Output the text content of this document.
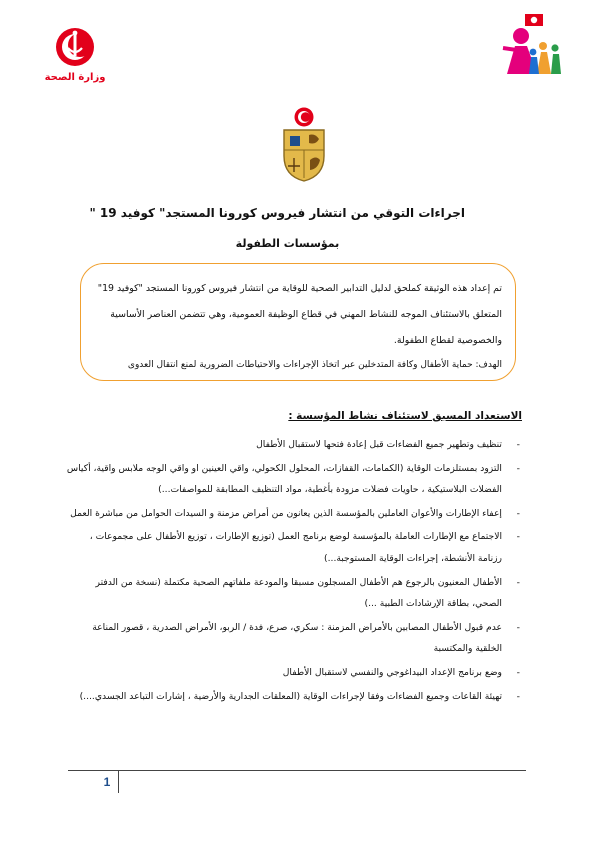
وزارة الصحة
اجراءات التوقي من انتشار فيروس كورونا المستجد" كوفيد 19 "
بمؤسسات الطفولة
تم إعداد هذه الوثيقة كملحق لدليل التدابير الصحية للوقاية من انتشار فيروس كورونا المستجد "كوفيد 19" المتعلق بالاستئناف الموجه للنشاط المهني في قطاع الوظيفة العمومية، وهي تتضمن العناصر الأساسية والخصوصية لقطاع الطفولة.
الهدف: حماية الأطفال وكافة المتدخلين عبر اتخاذ الإجراءات والاحتياطات الضرورية لمنع انتقال العدوى
الاستعداد المسبق لاستئناف نشاط المؤسسة :
-
تنظيف وتطهير جميع الفضاءات قبل إعادة فتحها لاستقبال الأطفال
-
التزود بمستلزمات الوقاية (الكمامات، القفازات، المحلول الكحولي، واقي العينين او واقي الوجه ملابس واقية، أكياس الفضلات البلاستيكية ، حاويات فضلات مزودة بأغطية، مواد التنظيف المطابقة للمواصفات...)
-
إعفاء الإطارات والأعوان العاملين بالمؤسسة الذين يعانون من أمراض مزمنة و السيدات الحوامل من مباشرة العمل
-
الاجتماع مع الإطارات العاملة بالمؤسسة لوضع برنامج العمل (توزيع الإطارات ، توزيع الأطفال على مجموعات ، رزنامة الأنشطة، إجراءات الوقاية المستوجبة...)
-
الأطفال المعنيون بالرجوع هم الأطفال المسجلون مسبقا والمودعة ملفاتهم الصحية مكتملة (نسخة من الدفتر الصحي، بطاقة الإرشادات الطبية ...)
-
عدم قبول الأطفال المصابين بالأمراض المزمنة : سكري، صرع، فدة / الربو، الأمراض الصدرية ، قصور المناعة الخلقية والمكتسبة
-
وضع برنامج الإعداد البيداغوجي والنفسي لاستقبال الأطفال
-
تهيئة القاعات وجميع الفضاءات وفقا لإجراءات الوقاية (المعلقات الجدارية والأرضية ، إشارات التباعد الجسدي....)
1
